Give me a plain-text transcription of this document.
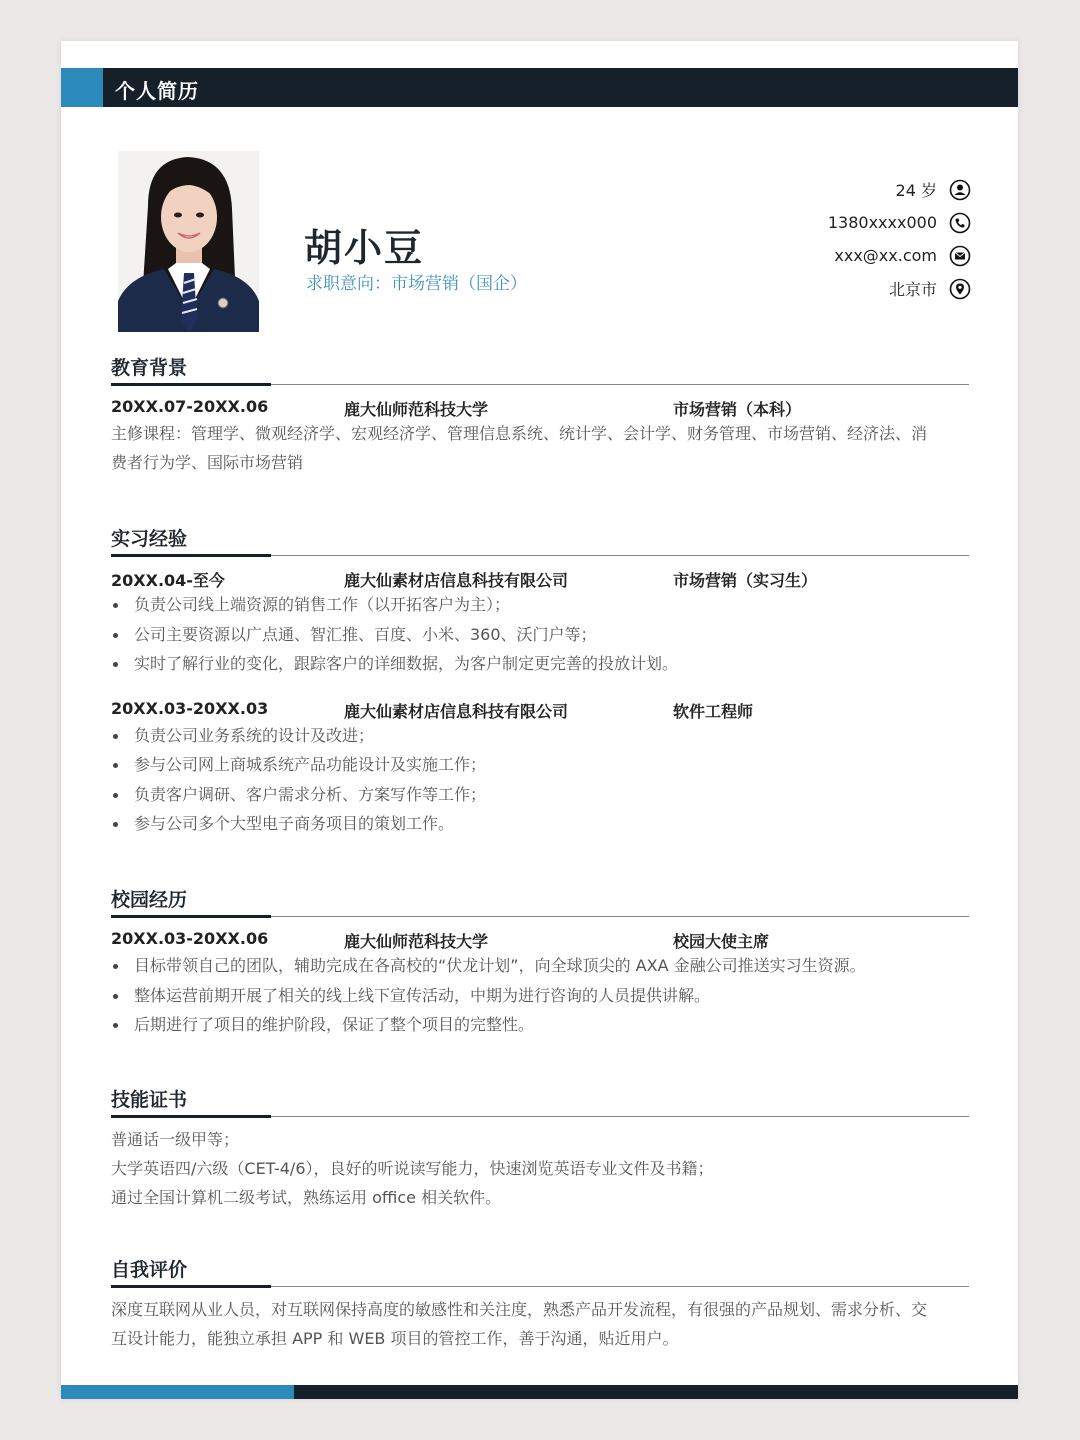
个人简历
胡小豆
求职意向：市场营销（国企）
24 岁
1380xxxx000
xxx@xx.com
北京市
教育背景
20XX.07-20XX.06	鹿大仙师范科技大学	市场营销（本科）

主修课程：管理学、微观经济学、宏观经济学、管理信息系统、统计学、会计学、财务管理、市场营销、经济法、消

费者行为学、国际市场营销

实习经验
20XX.04-至今	鹿大仙素材店信息科技有限公司	市场营销（实习生）
负责公司线上端资源的销售工作（以开拓客户为主）；
公司主要资源以广点通、智汇推、百度、小米、360、沃门户等；
实时了解行业的变化，跟踪客户的详细数据，为客户制定更完善的投放计划。
20XX.03-20XX.03	鹿大仙素材店信息科技有限公司	软件工程师
负责公司业务系统的设计及改进；
参与公司网上商城系统产品功能设计及实施工作；
负责客户调研、客户需求分析、方案写作等工作；
参与公司多个大型电子商务项目的策划工作。
校园经历
20XX.03-20XX.06	鹿大仙师范科技大学	校园大使主席
目标带领自己的团队，辅助完成在各高校的“伏龙计划”，向全球顶尖的 AXA 金融公司推送实习生资源。
整体运营前期开展了相关的线上线下宣传活动，中期为进行咨询的人员提供讲解。
后期进行了项目的维护阶段，保证了整个项目的完整性。
技能证书

普通话一级甲等；

大学英语四/六级（CET-4/6），良好的听说读写能力，快速浏览英语专业文件及书籍；

通过全国计算机二级考试，熟练运用 office 相关软件。

自我评价

深度互联网从业人员，对互联网保持高度的敏感性和关注度，熟悉产品开发流程，有很强的产品规划、需求分析、交

互设计能力，能独立承担 APP 和 WEB 项目的管控工作，善于沟通，贴近用户。
